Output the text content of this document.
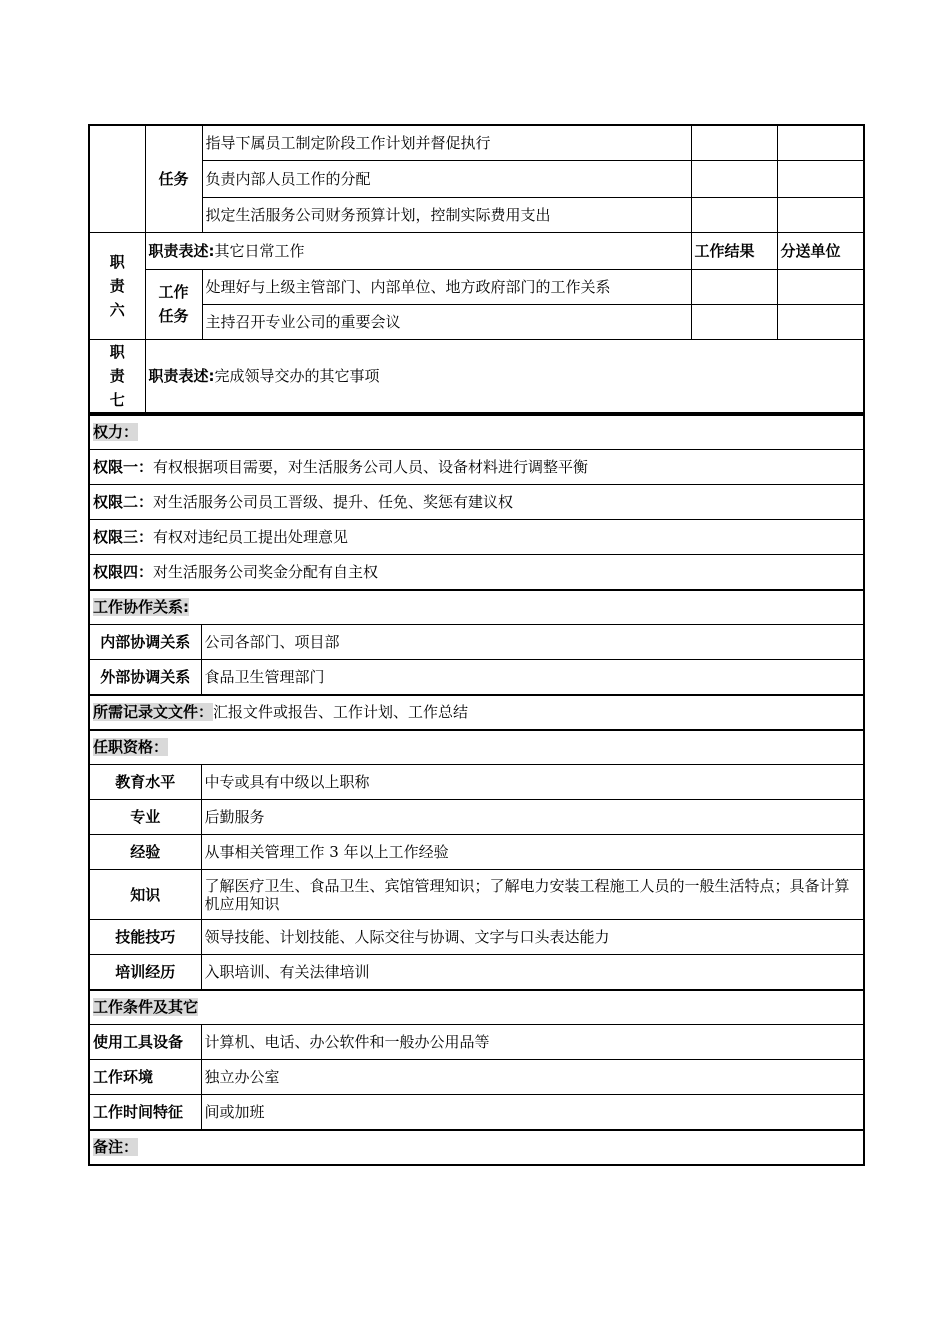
	任务	指导下属员工制定阶段工作计划并督促执行		
		负责内部人员工作的分配		
		拟定生活服务公司财务预算计划，控制实际费用支出		

职
责
六	职责表述:其它日常工作		工作结果	分送单位

	工作
任务	处理好与上级主管部门、内部单位、地方政府部门的工作关系		
		主持召开专业公司的重要会议		

职
责
七	职责表述:完成领导交办的其它事项			
权力：	
权限一：有权根据项目需要，对生活服务公司人员、设备材料进行调整平衡	
权限二：对生活服务公司员工晋级、提升、任免、奖惩有建议权	
权限三：有权对违纪员工提出处理意见	
权限四：对生活服务公司奖金分配有自主权	
工作协作关系:	
内部协调关系	公司各部门、项目部
外部协调关系	食品卫生管理部门
所需记录文文件：汇报文件或报告、工作计划、工作总结	
任职资格：	
教育水平	中专或具有中级以上职称
专业	后勤服务
经验	从事相关管理工作 3 年以上工作经验
知识	了解医疗卫生、食品卫生、宾馆管理知识；了解电力安装工程施工人员的一般生活特点；具备计算机应用知识
技能技巧	领导技能、计划技能、人际交往与协调、文字与口头表达能力
培训经历	入职培训、有关法律培训
工作条件及其它	
使用工具设备	计算机、电话、办公软件和一般办公用品等
工作环境	独立办公室
工作时间特征	间或加班
备注：	
